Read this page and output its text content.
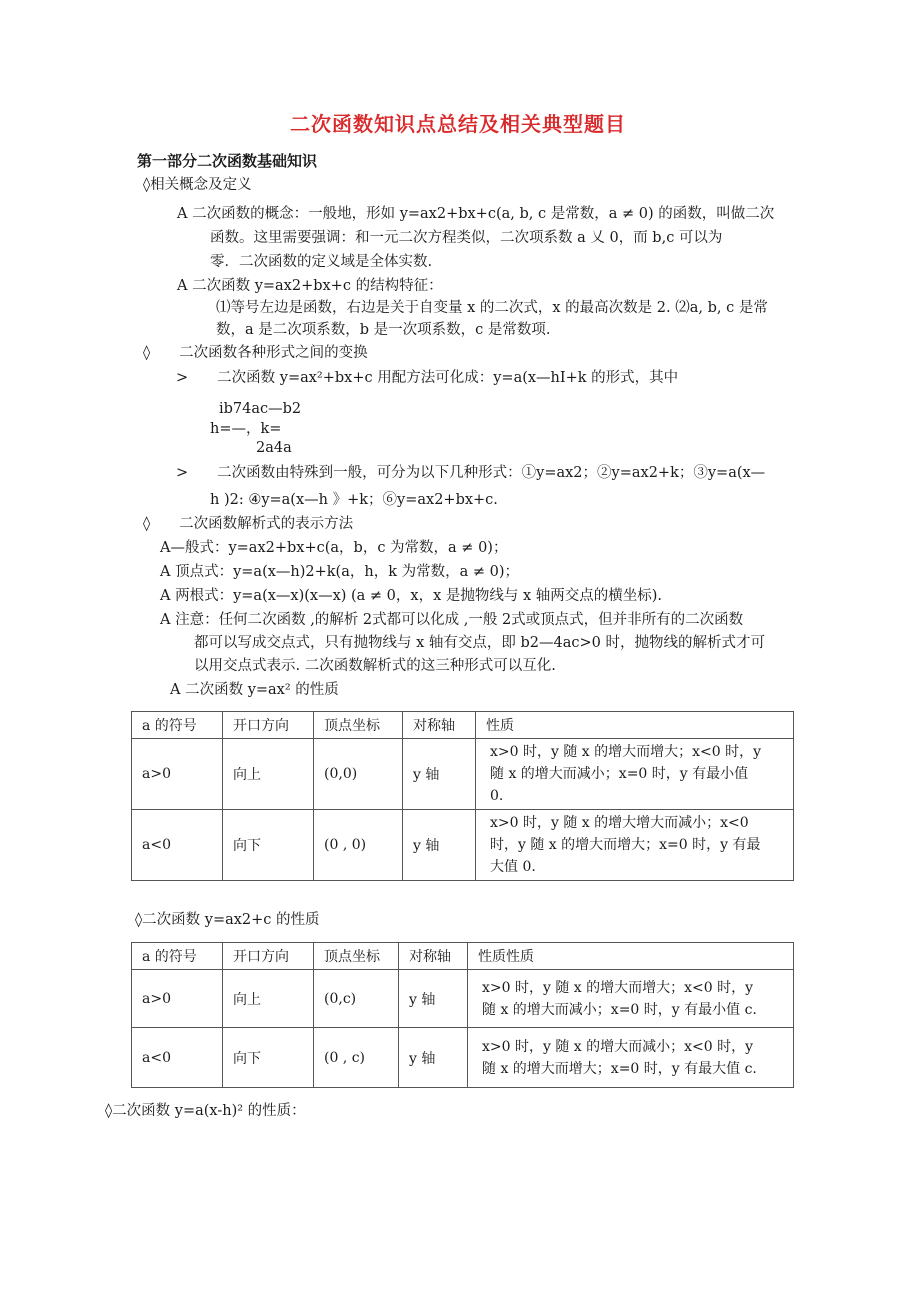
二次函数知识点总结及相关典型题目
第一部分二次函数基础知识
◊相关概念及定义
A 二次函数的概念：一般地，形如 y=ax2+bx+c(a, b, c 是常数，a ≠ 0) 的函数，叫做二次
函数。这里需要强调：和一元二次方程类似，二次项系数 a 乂 0，而 b,c 可以为
零．二次函数的定义域是全体实数.
A 二次函数 y=ax2+bx+c 的结构特征：
⑴等号左边是函数，右边是关于自变量 x 的二次式，x 的最高次数是 2. ⑵a, b, c 是常
数，a 是二次项系数，b 是一次项系数，c 是常数项.
◊　　二次函数各种形式之间的变换
>　　二次函数 y=ax²+bx+c 用配方法可化成：y=a(x—hI+k 的形式，其中
ib74ac—b2
h=—，k=
2a4a
>　　二次函数由特殊到一般，可分为以下几种形式：①y=ax2；②y=ax2+k；③y=a(x—
h )2: ④y=a(x—h 》+k；⑥y=ax2+bx+c.
◊　　二次函数解析式的表示方法
A—般式：y=ax2+bx+c(a，b，c 为常数，a ≠ 0)；
A 顶点式：y=a(x—h)2+k(a，h，k 为常数，a ≠ 0)；
A 两根式：y=a(x—x)(x—x) (a ≠ 0，x，x 是抛物线与 x 轴两交点的横坐标).
A 注意：任何二次函数 ,的解析 2式都可以化成 ,一般 2式或顶点式，但并非所有的二次函数
都可以写成交点式，只有抛物线与 x 轴有交点，即 b2—4ac>0 时，抛物线的解析式才可
以用交点式表示. 二次函数解析式的这三种形式可以互化.
A 二次函数 y=ax² 的性质
a 的符号	开口方向	顶点坐标	对称轴	性质
a>0	向上	(0,0)	y 轴	x>0 时，y 随 x 的增大而增大；x<0 时，y
随 x 的增大而减小；x=0 时，y 有最小值
0.

a<0	向下	(0 , 0)	y 轴	x>0 时，y 随 x 的增大增大而减小；x<0
时，y 随 x 的增大而增大；x=0 时，y 有最
大值 0.
◊二次函数 y=ax2+c 的性质
a 的符号	开口方向	顶点坐标	对称轴	性质性质
a>0	向上	(0,c)	y 轴	x>0 时，y 随 x 的增大而增大；x<0 时，y
随 x 的增大而减小；x=0 时，y 有最小值 c.

a<0	向下	(0 , c)	y 轴	x>0 时，y 随 x 的增大而减小；x<0 时，y
随 x 的增大而增大；x=0 时，y 有最大值 c.
◊二次函数 y=a(x-h)² 的性质：
